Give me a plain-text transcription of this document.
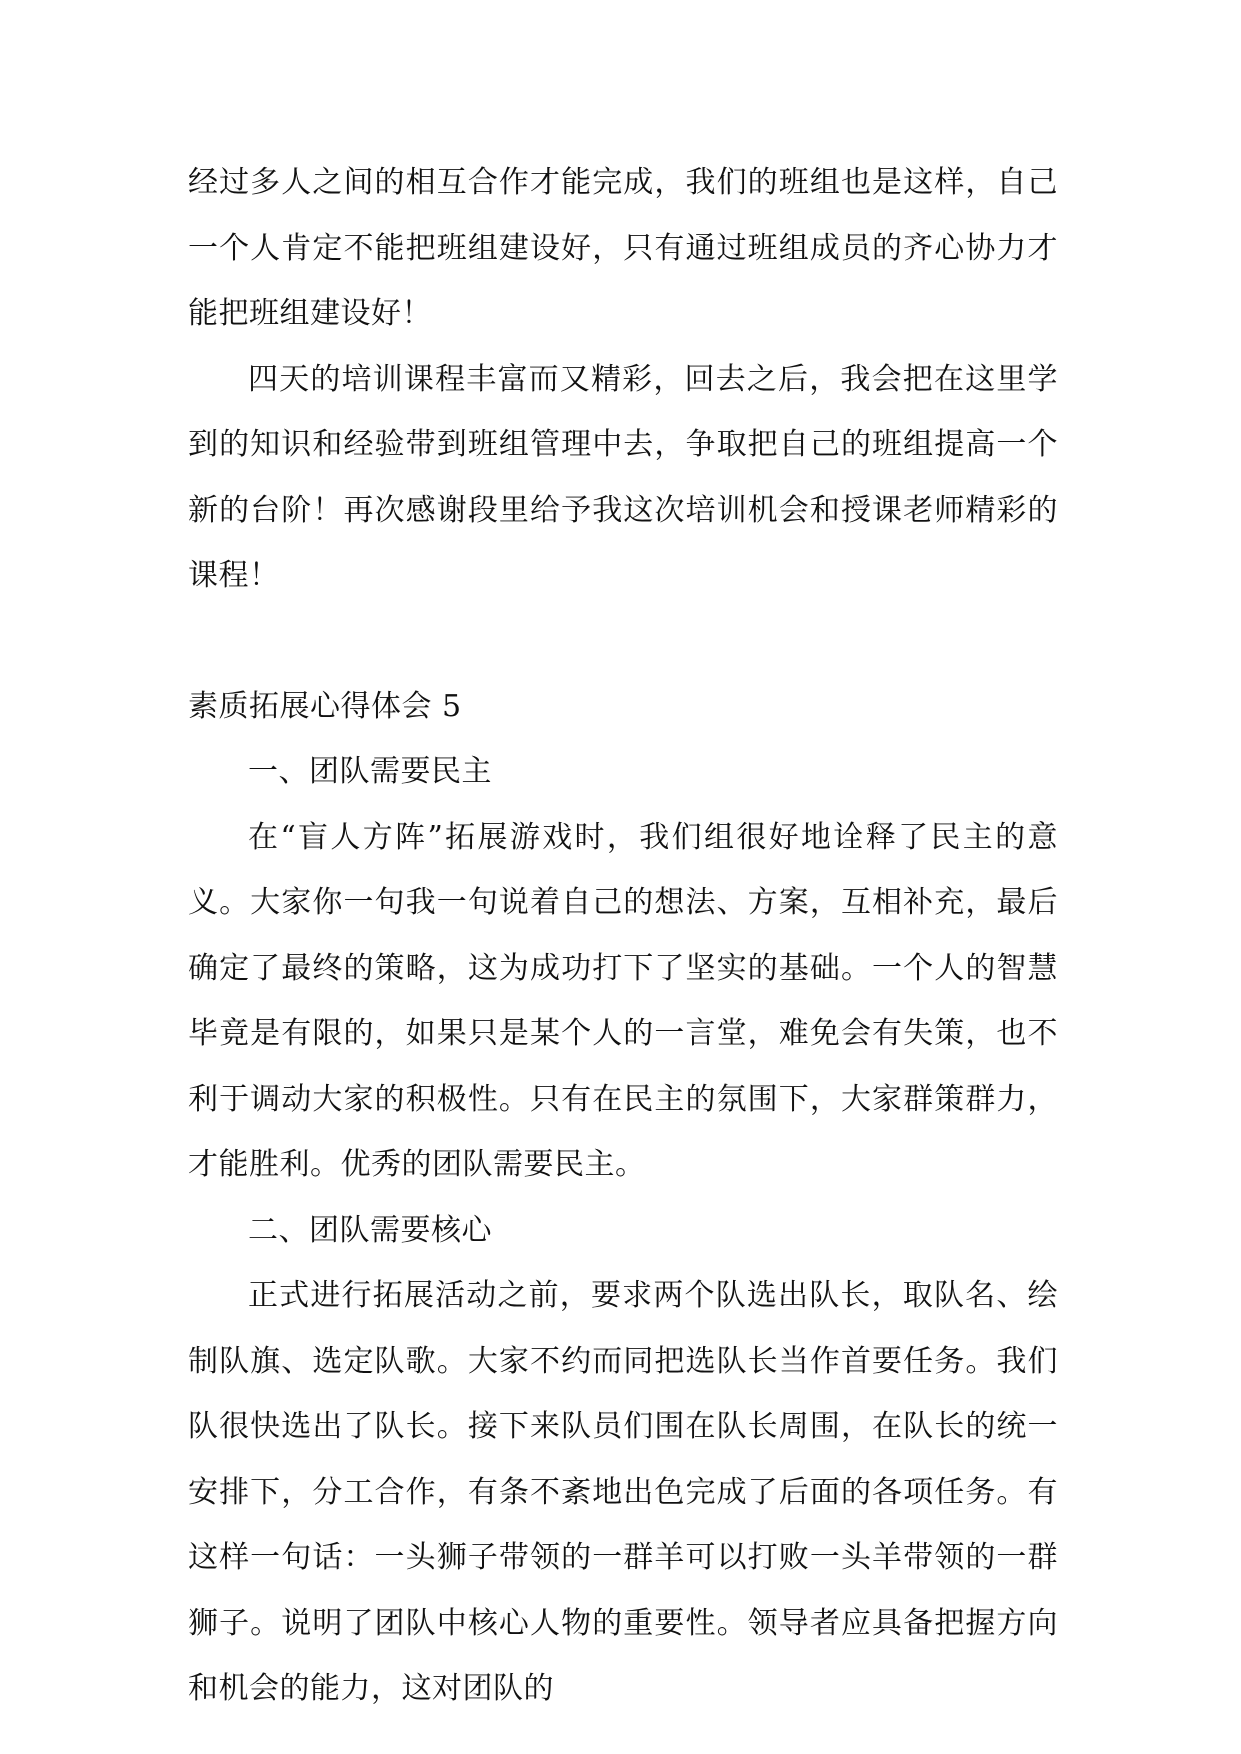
经过多人之间的相互合作才能完成，我们的班组也是这样，自己一个人肯定不能把班组建设好，只有通过班组成员的齐心协力才能把班组建设好！

四天的培训课程丰富而又精彩，回去之后，我会把在这里学到的知识和经验带到班组管理中去，争取把自己的班组提高一个新的台阶！再次感谢段里给予我这次培训机会和授课老师精彩的课程！

素质拓展心得体会 5

一、团队需要民主

在“盲人方阵”拓展游戏时，我们组很好地诠释了民主的意义。大家你一句我一句说着自己的想法、方案，互相补充，最后确定了最终的策略，这为成功打下了坚实的基础。一个人的智慧毕竟是有限的，如果只是某个人的一言堂，难免会有失策，也不利于调动大家的积极性。只有在民主的氛围下，大家群策群力，才能胜利。优秀的团队需要民主。

二、团队需要核心

正式进行拓展活动之前，要求两个队选出队长，取队名、绘制队旗、选定队歌。大家不约而同把选队长当作首要任务。我们队很快选出了队长。接下来队员们围在队长周围，在队长的统一安排下，分工合作，有条不紊地出色完成了后面的各项任务。有这样一句话：一头狮子带领的一群羊可以打败一头羊带领的一群狮子。说明了团队中核心人物的重要性。领导者应具备把握方向和机会的能力，这对团队的
